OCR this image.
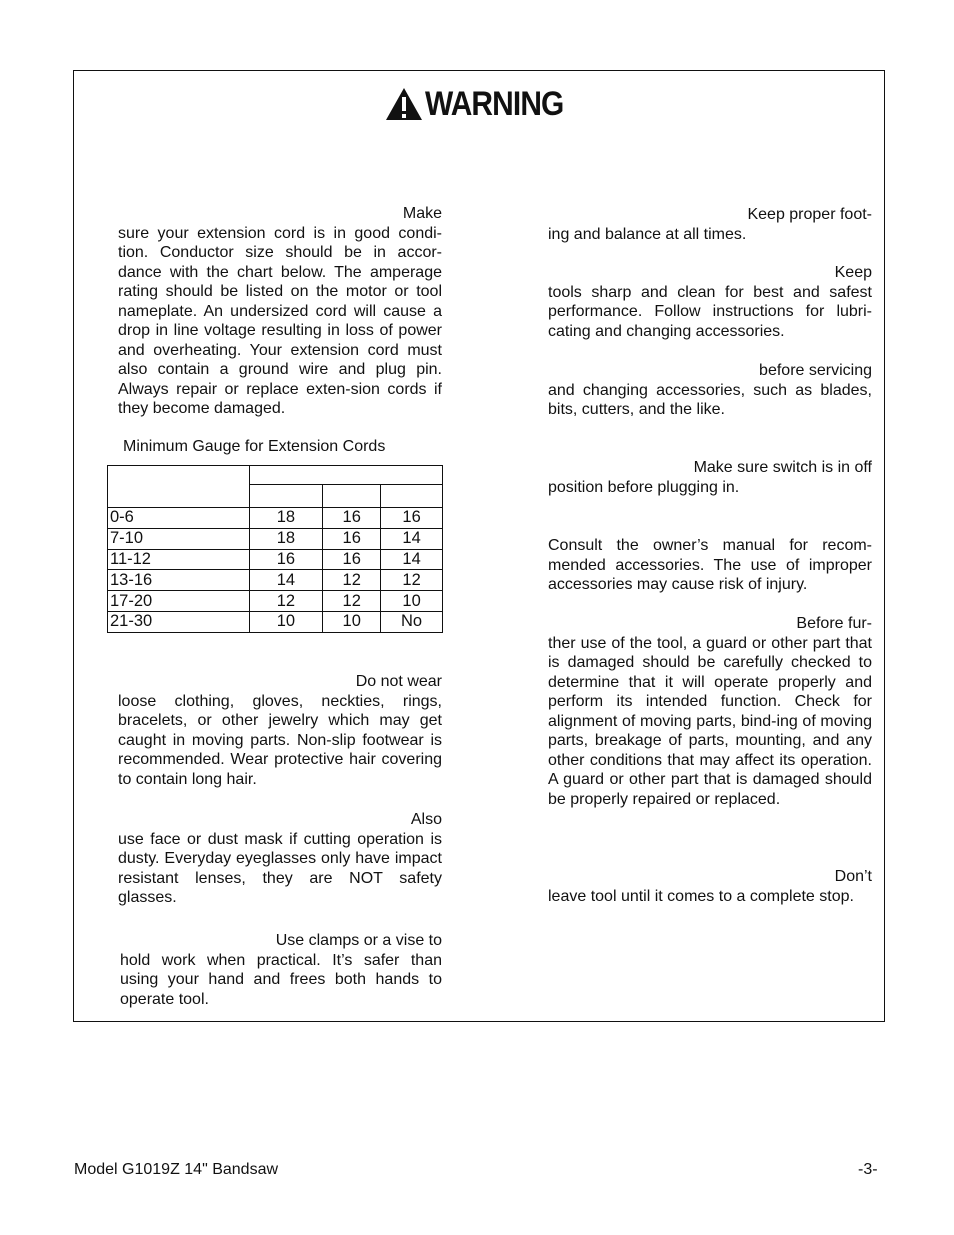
WARNING

Make
sure your extension cord is in good condi-tion. Conductor size should be in accor-dance with the chart below. The amperage rating should be listed on the motor or tool nameplate. An undersized cord will cause a drop in line voltage resulting in loss of power and overheating. Your extension cord must also contain a ground wire and plug pin. Always repair or replace exten-sion cords if they become damaged.

Minimum Gauge for Extension Cords

0-6	18	16	16
7-10	18	16	14
11-12	16	16	14
13-16	14	12	12
17-20	12	12	10
21-30	10	10	No

Do not wear
loose clothing, gloves, neckties, rings, bracelets, or other jewelry which may get caught in moving parts. Non-slip footwear is recommended. Wear protective hair covering to contain long hair.

Also
use face or dust mask if cutting operation is dusty. Everyday eyeglasses only have impact resistant lenses, they are NOT safety glasses.

Use clamps or a vise to
hold work when practical. It’s safer than using your hand and frees both hands to operate tool.

Keep proper foot-
ing and balance at all times.

Keep
tools sharp and clean for best and safest performance. Follow instructions for lubri-cating and changing accessories.

before servicing
and changing accessories, such as blades, bits, cutters, and the like.

Make sure switch is in off
position before plugging in.

Consult the owner’s manual for recom-mended accessories. The use of improper accessories may cause risk of injury.

Before fur-
ther use of the tool, a guard or other part that is damaged should be carefully checked to determine that it will operate properly and perform its intended function. Check for alignment of moving parts, bind-ing of moving parts, breakage of parts, mounting, and any other conditions that may affect its operation. A guard or other part that is damaged should be properly repaired or replaced.

Don’t
leave tool until it comes to a complete stop.

Model G1019Z 14" Bandsaw	-3-
